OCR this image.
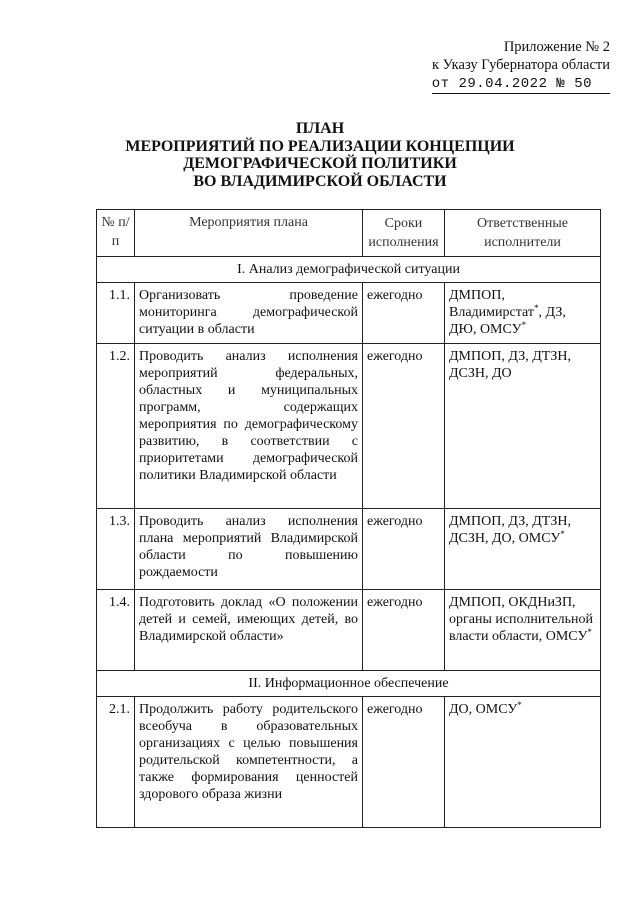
Приложение № 2
к Указу Губернатора области
от 29.04.2022 № 50
ПЛАН
МЕРОПРИЯТИЙ ПО РЕАЛИЗАЦИИ КОНЦЕПЦИИ
ДЕМОГРАФИЧЕСКОЙ ПОЛИТИКИ
ВО ВЛАДИМИРСКОЙ ОБЛАСТИ
№ п/п	Мероприятия плана	Сроки исполнения	Ответственные исполнители
I. Анализ демографической ситуации			
1.1.	Организовать проведение мониторинга демографической ситуации в области	ежегодно	ДМПОП, Владимирстат*, ДЗ, ДЮ, ОМСУ*
1.2.	Проводить анализ исполнения мероприятий федеральных, областных и муниципальных программ, содержащих мероприятия по демографическому развитию, в соответствии с приоритетами демографической политики Владимирской области	ежегодно	ДМПОП, ДЗ, ДТЗН, ДСЗН, ДО
1.3.	Проводить анализ исполнения плана мероприятий Владимирской области по повышению рождаемости	ежегодно	ДМПОП, ДЗ, ДТЗН, ДСЗН, ДО, ОМСУ*
1.4.	Подготовить доклад «О положении детей и семей, имеющих детей, во Владимирской области»	ежегодно	ДМПОП, ОКДНиЗП, органы исполнительной власти области, ОМСУ*
II. Информационное обеспечение			
2.1.	Продолжить работу родительского всеобуча в образовательных организациях с целью повышения родительской компетентности, а также формирования ценностей здорового образа жизни	ежегодно	ДО, ОМСУ*
